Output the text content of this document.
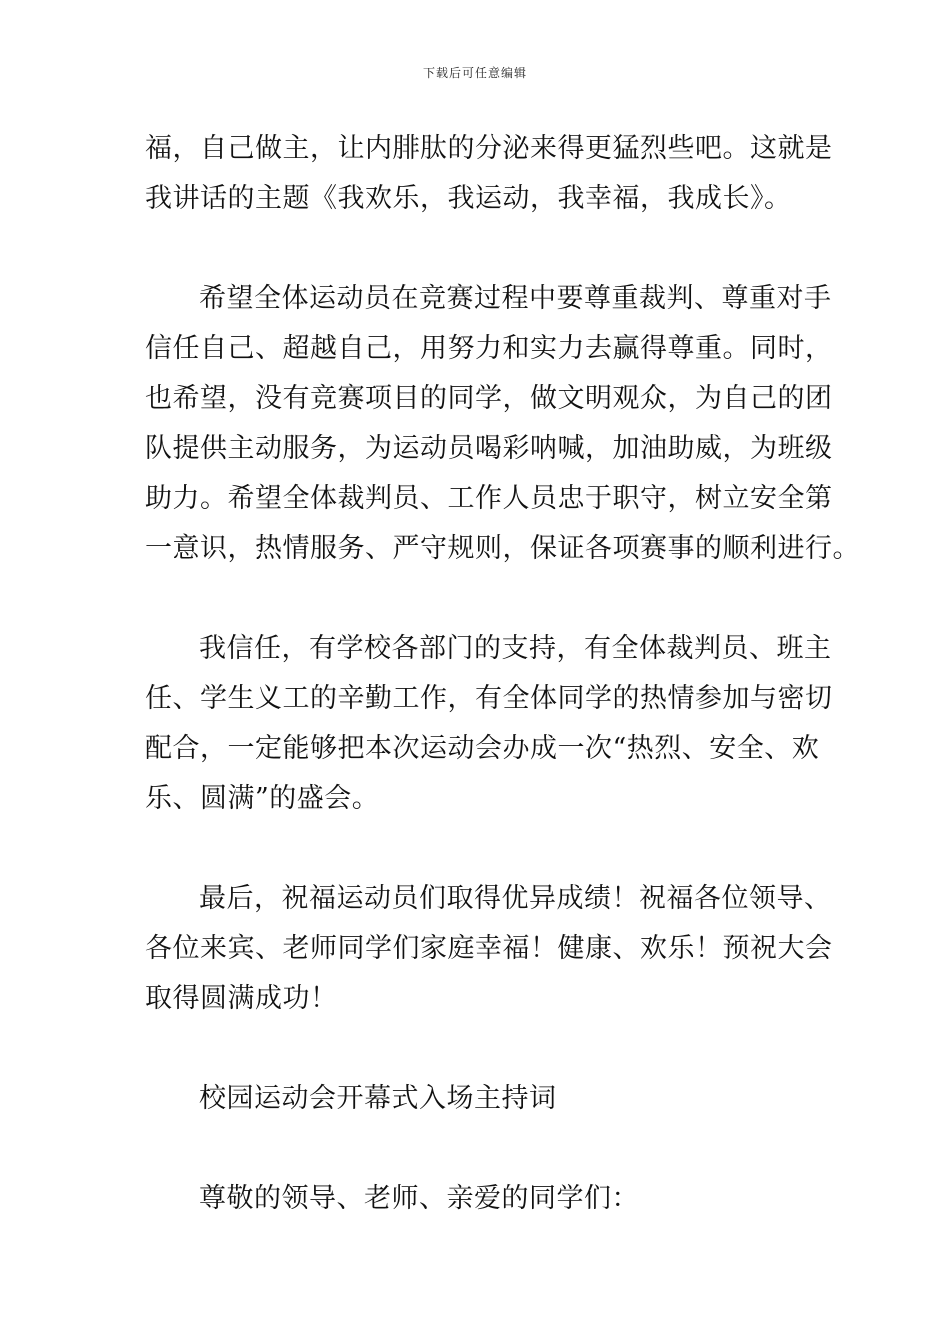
下载后可任意编辑
福，自己做主，让内腓肽的分泌来得更猛烈些吧。这就是
我讲话的主题《我欢乐，我运动，我幸福，我成长》。
希望全体运动员在竞赛过程中要尊重裁判、尊重对手
信任自己、超越自己，用努力和实力去赢得尊重。同时，
也希望，没有竞赛项目的同学，做文明观众，为自己的团
队提供主动服务，为运动员喝彩呐喊，加油助威，为班级
助力。希望全体裁判员、工作人员忠于职守，树立安全第
一意识，热情服务、严守规则，保证各项赛事的顺利进行。
我信任，有学校各部门的支持，有全体裁判员、班主
任、学生义工的辛勤工作，有全体同学的热情参加与密切
配合，一定能够把本次运动会办成一次“热烈、安全、欢
乐、圆满”的盛会。
最后，祝福运动员们取得优异成绩！祝福各位领导、
各位来宾、老师同学们家庭幸福！健康、欢乐！预祝大会
取得圆满成功！
校园运动会开幕式入场主持词
尊敬的领导、老师、亲爱的同学们：
